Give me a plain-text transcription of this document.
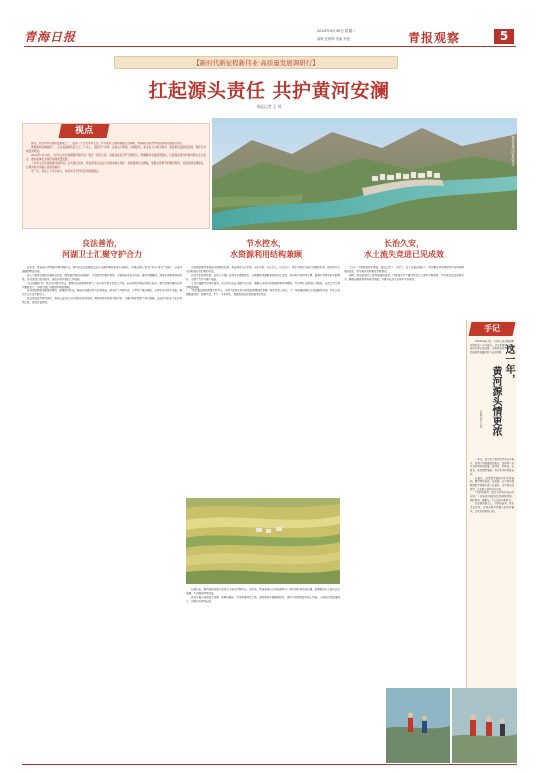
青海日报	2024年4月30日 星期二
编辑 赵敏辉 美编 李强	青报观察	5
【新时代新征程新伟业·高质量发展调研行】
扛起源头责任 共护黄河安澜
本报记者 王 琼
视点

黄河，作为中华文明的发源地之一，滋养了千百代中华儿女。作为黄河上游的重要生态屏障，青海肩负着守护母亲河源头的重大使命。

青海黄河流域面积广，占全省面积的百分之二十以上，流经多个市州，这里山川秀美，河湖密布，是全省人口最为集中、经济最为活跃的区域，保护任务艰巨而紧迫。

2024年1月18日，《中华人民共和国黄河保护法》施行一周年之际，省委省政府召开专题会议，明确要求全面贯彻落实，以更高标准守护黄河源头生态安全，推动流域生态保护和高质量发展。

《中华人民共和国黄河保护法》正式施行以来，我省坚持以法治方式推动源头保护，持续推进生态修复，加强水资源节约集约利用，完善流域治理体系，让黄河成为造福人民的幸福河。

近一年，我省上下齐心协力，共同书写守护母亲河的新篇章。

循化县境内的黄河风光
良法善治，
河湖卫士汇聚守护合力
节水控水，
水资源利用结构兼顾
长治久安，
水土流失竞进已见成效

近年来，我省深入贯彻落实黄河保护法，坚持以法治思维和法治方式推动黄河流域生态保护，河湖长制从“有名”走向“有实”“有能”，全省河湖面貌明显改善。

省人大常委会组织开展执法检查，围绕黄河源头区域保护、水资源节约集约利用、污染防治等重点内容，推动问题整改，促进各项制度落地见效。各地各部门密切协作，形成齐抓共管的工作格局。

“在河湖保护中，我们以问题为导向，聚焦突出问题持续用力。”省水利厅相关负责人介绍，全省各级河湖长常态化巡河，累计发现并整改各类问题数百个，河湖“四乱”问题得到有效遏制。

各地因地制宜创新管护模式，组建护河队伍，吸纳当地群众参与日常巡查，既守护了河湖生态，又带动了群众增收，实现生态与民生共赢，黄河卫士队伍不断壮大。

执法司法协作持续深化，检察公益诉讼与行政执法有效衔接，跨区域协作机制不断完善，为黄河保护提供了坚实保障，法治护河的合力正在持续汇聚，成效日益显现。

水资源是黄河流域最为紧缺的资源。我省坚持以水定城、以水定地、以水定人、以水定产，把水资源作为最大的刚性约束，推动用水方式由粗放向节约集约转变。

农业节水成效明显。各地大力推广高效节水灌溉技术，实施灌区续建配套和现代化改造，亩均用水量持续下降，灌溉水利用系数不断提升，实现了节水与增产双赢。

工业与城镇节水同步推进。重点用水企业开展节水改造，城镇公共供水管网漏损率持续降低，节水型社会建设扎实推进，全社会节水意识明显增强。

“我们通过建设智慧水利平台，实现了取用水的实时监测和精细化管理。”相关负责人表示，下一步将继续强化水资源刚性约束，优化水资源配置结构，统筹生活、生产、生态用水，保障流域高质量发展用水需求。

长期以来，黄河流经的部分地区水土流失问题突出。近年来，我省坚持山水林田湖草沙一体化保护和系统治理，统筹推进水土流失综合治理，生态面貌持续改善。

各地实施小流域综合治理、坡耕地整治、淤地坝建设等工程，因地制宜开展植被恢复，黄河干流两岸逐步披上绿装，入黄泥沙量显著减少，河湖水质持续向好。

“过去一下雨就是泥水横流，现在山绿了、水清了，日子也越过越好了。”沿岸群众切身感受到生态环境带来的变化，参与保护的积极性不断提高。

同时，我省加强水土保持监测和监管，严格落实生产建设项目水土保持方案制度，严厉查处违法违规行为，确保治理成果得到有效巩固，为黄河长治久安筑牢生态根基。

手记

2023年4月1日，《中华人民共和国黄河保护法》正式施行。这是我国第一部以流域为单元的法律，为黄河流域生态保护和高质量发展提供了法治保障。 这一年，
黄河源头情更浓
本报记者 王琼

一年来，我走访了黄河沿岸的许多地方，看到了河湖面貌的变化，也听到了许多守护黄河的故事。巡河员、护林员、志愿者，他们默默奉献，用行动守护着母亲河。

在循化，我看到清澈的河水缓缓流淌，两岸绿意盎然；在贵德，天下黄河贵德清的美景吸引着八方游客。这些变化的背后，是无数人的坚守与付出。

“守护好黄河，就是守护我们自己的家园。”一位老巡河员的话让我印象深刻。保护黄河，需要每一个人的参与和努力。

站在新的起点上，守护母亲河，我们责无旁贷。让黄河成为造福人民的幸福河，是我们共同的心愿。
